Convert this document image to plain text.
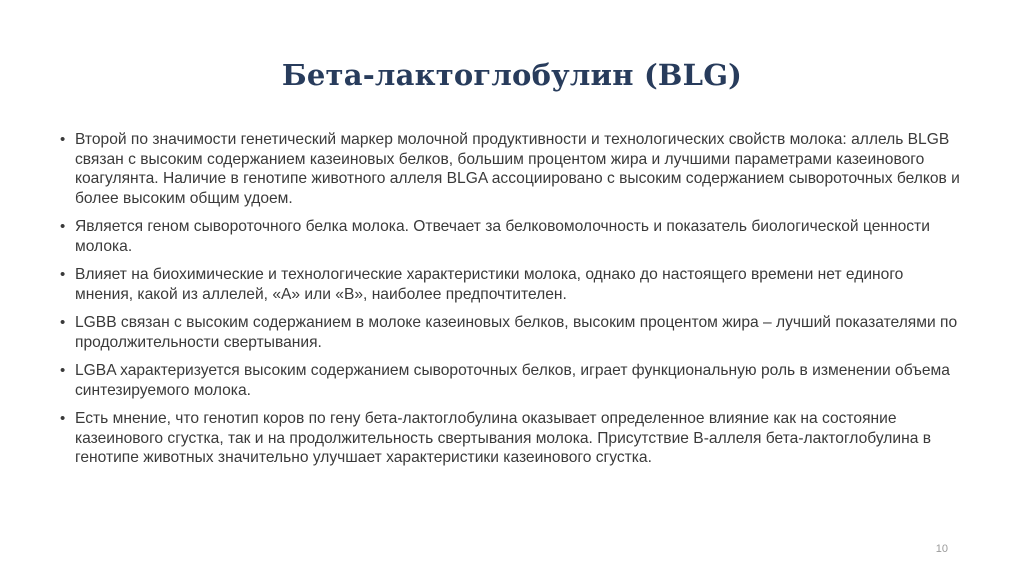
Бета-лактоглобулин (BLG)
• Второй по значимости генетический маркер молочной продуктивности и технологических свойств молока: аллель BLGB связан с высоким содержанием казеиновых белков, большим процентом жира и лучшими параметрами казеинового коагулянта. Наличие в генотипе животного аллеля BLGA ассоциировано с высоким содержанием сывороточных белков и более высоким общим удоем.
• Является геном сывороточного белка молока. Отвечает за белковомолочность и показатель биологической ценности молока.
• Влияет на биохимические и технологические характеристики молока, однако до настоящего времени нет единого мнения, какой из аллелей, «А» или «В», наиболее предпочтителен.
• LGBB связан с высоким содержанием в молоке казеиновых белков, высоким процентом жира – лучший показателями по продолжительности свертывания.
• LGBA характеризуется высоким содержанием сывороточных белков, играет функциональную роль в изменении объема синтезируемого молока.
• Есть мнение, что генотип коров по гену бета-лактоглобулина оказывает определенное влияние как на состояние казеинового сгустка, так и на продолжительность свертывания молока. Присутствие В-аллеля бета-лактоглобулина в генотипе животных значительно улучшает характеристики казеинового сгустка.
10
